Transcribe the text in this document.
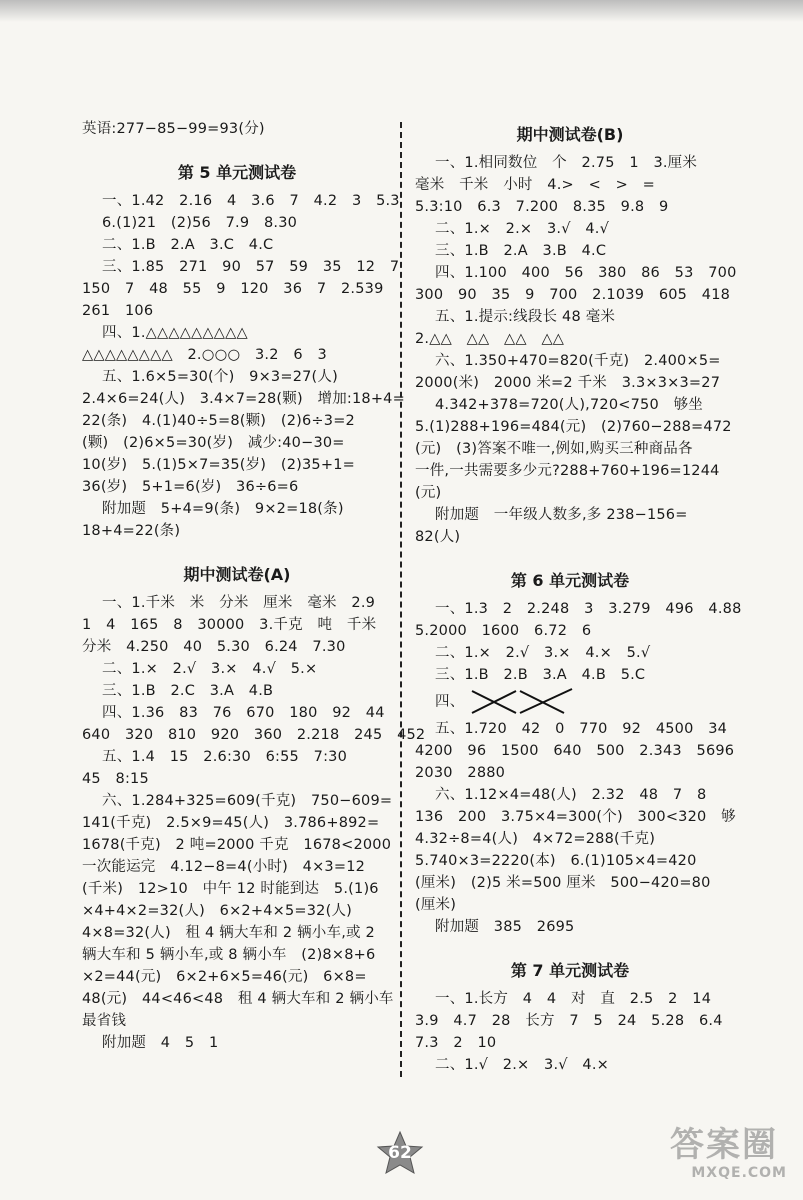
英语:277−85−99=93(分)
第 5 单元测试卷
一、1.42　2.16　4　3.6　7　4.2　3　5.3
6.(1)21　(2)56　7.9　8.30
二、1.B　2.A　3.C　4.C
三、1.85　271　90　57　59　35　12　7
150　7　48　55　9　120　36　7　2.539
261　106
四、1.△△△△△△△△△
△△△△△△△△　2.○○○　3.2　6　3
五、1.6×5=30(个)　9×3=27(人)
2.4×6=24(人)　3.4×7=28(颗)　增加:18+4=
22(条)　4.(1)40÷5=8(颗)　(2)6÷3=2
(颗)　(2)6×5=30(岁)　减少:40−30=
10(岁)　5.(1)5×7=35(岁)　(2)35+1=
36(岁)　5+1=6(岁)　36÷6=6
附加题　5+4=9(条)　9×2=18(条)
18+4=22(条)
期中测试卷(A)
一、1.千米　米　分米　厘米　毫米　2.9
1　4　165　8　30000　3.千克　吨　千米
分米　4.250　40　5.30　6.24　7.30
二、1.×　2.√　3.×　4.√　5.×
三、1.B　2.C　3.A　4.B
四、1.36　83　76　670　180　92　44
640　320　810　920　360　2.218　245　452
五、1.4　15　2.6:30　6:55　7:30
45　8:15
六、1.284+325=609(千克)　750−609=
141(千克)　2.5×9=45(人)　3.786+892=
1678(千克)　2 吨=2000 千克　1678<2000
一次能运完　4.12−8=4(小时)　4×3=12
(千米)　12>10　中午 12 时能到达　5.(1)6
×4+4×2=32(人)　6×2+4×5=32(人)
4×8=32(人)　租 4 辆大车和 2 辆小车,或 2
辆大车和 5 辆小车,或 8 辆小车　(2)8×8+6
×2=44(元)　6×2+6×5=46(元)　6×8=
48(元)　44<46<48　租 4 辆大车和 2 辆小车
最省钱
附加题　4　5　1
期中测试卷(B)
一、1.相同数位　个　2.75　1　3.厘米
毫米　千米　小时　4.>　<　>　=
5.3:10　6.3　7.200　8.35　9.8　9
二、1.×　2.×　3.√　4.√
三、1.B　2.A　3.B　4.C
四、1.100　400　56　380　86　53　700
300　90　35　9　700　2.1039　605　418
五、1.提示:线段长 48 毫米
2.△△　△△　△△　△△
六、1.350+470=820(千克)　2.400×5=
2000(米)　2000 米=2 千米　3.3×3×3=27
4.342+378=720(人),720<750　够坐
5.(1)288+196=484(元)　(2)760−288=472
(元)　(3)答案不唯一,例如,购买三种商品各
一件,一共需要多少元?288+760+196=1244
(元)
附加题　一年级人数多,多 238−156=
82(人)
第 6 单元测试卷
一、1.3　2　2.248　3　3.279　496　4.88
5.2000　1600　6.72　6
二、1.×　2.√　3.×　4.×　5.√
三、1.B　2.B　3.A　4.B　5.C
四、
五、1.720　42　0　770　92　4500　34
4200　96　1500　640　500　2.343　5696
2030　2880
六、1.12×4=48(人)　2.32　48　7　8
136　200　3.75×4=300(个)　300<320　够
4.32÷8=4(人)　4×72=288(千克)
5.740×3=2220(本)　6.(1)105×4=420
(厘米)　(2)5 米=500 厘米　500−420=80
(厘米)
附加题　385　2695
第 7 单元测试卷
一、1.长方　4　4　对　直　2.5　2　14
3.9　4.7　28　长方　7　5　24　5.28　6.4
7.3　2　10
二、1.√　2.×　3.√　4.×
62	答案圈
MXQE.COM
